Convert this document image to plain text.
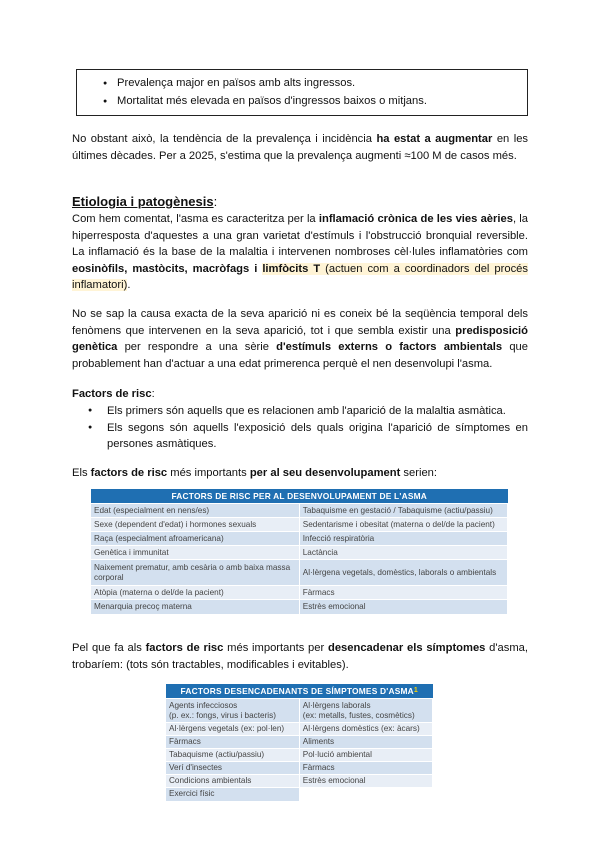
● Prevalença major en països amb alts ingressos.
● Mortalitat més elevada en països d'ingressos baixos o mitjans.

No obstant això, la tendència de la prevalença i incidència ha estat a augmentar en les últimes dècades. Per a 2025, s'estima que la prevalença augmenti ≈100 M de casos més.

Etiologia i patogènesis:

Com hem comentat, l'asma es caracteritza per la inflamació crònica de les vies aèries, la hiperresposta d'aquestes a una gran varietat d'estímuls i l'obstrucció bronquial reversible. La inflamació és la base de la malaltia i intervenen nombroses cèl·lules inflamatòries com eosinòfils, mastòcits, macròfags i limfòcits T (actuen com a coordinadors del procés inflamatori).

No se sap la causa exacta de la seva aparició ni es coneix bé la seqüència temporal dels fenòmens que intervenen en la seva aparició, tot i que sembla existir una predisposició genètica per respondre a una sèrie d'estímuls externs o factors ambientals que probablement han d'actuar a una edat primerenca perquè el nen desenvolupi l'asma.

Factors de risc:

● Els primers són aquells que es relacionen amb l'aparició de la malaltia asmàtica.
● Els segons són aquells l'exposició dels quals origina l'aparició de símptomes en persones asmàtiques.

Els factors de risc més importants per al seu desenvolupament serien:

FACTORS DE RISC PER AL DESENVOLUPAMENT DE L'ASMA	
Edat (especialment en nens/es)	Tabaquisme en gestació / Tabaquisme (actiu/passiu)
Sexe (dependent d'edat) i hormones sexuals	Sedentarisme i obesitat (materna o del/de la pacient)
Raça (especialment afroamericana)	Infecció respiratòria
Genètica i immunitat	Lactància
Naixement prematur, amb cesària o amb baixa massa corporal	Al·lèrgena vegetals, domèstics, laborals o ambientals
Atòpia (materna o del/de la pacient)	Fàrmacs
Menarquia precoç materna	Estrès emocional

Pel que fa als factors de risc més importants per desencadenar els símptomes d'asma, trobaríem: (tots són tractables, modificables i evitables).

FACTORS DESENCADENANTS DE SÍMPTOMES D'ASMA$^1$
Agents infecciosos
(p. ex.: fongs, virus i bacteris)	Al·lèrgens laborals
(ex: metalls, fustes, cosmètics)
Al·lèrgens vegetals (ex: pol·len)	Al·lèrgens domèstics (ex: àcars)
Fàrmacs	Aliments
Tabaquisme (actiu/passiu)	Pol·lució ambiental
Verí d'insectes	Fàrmacs
Condicions ambientals	Estrès emocional
Exercici físic	
